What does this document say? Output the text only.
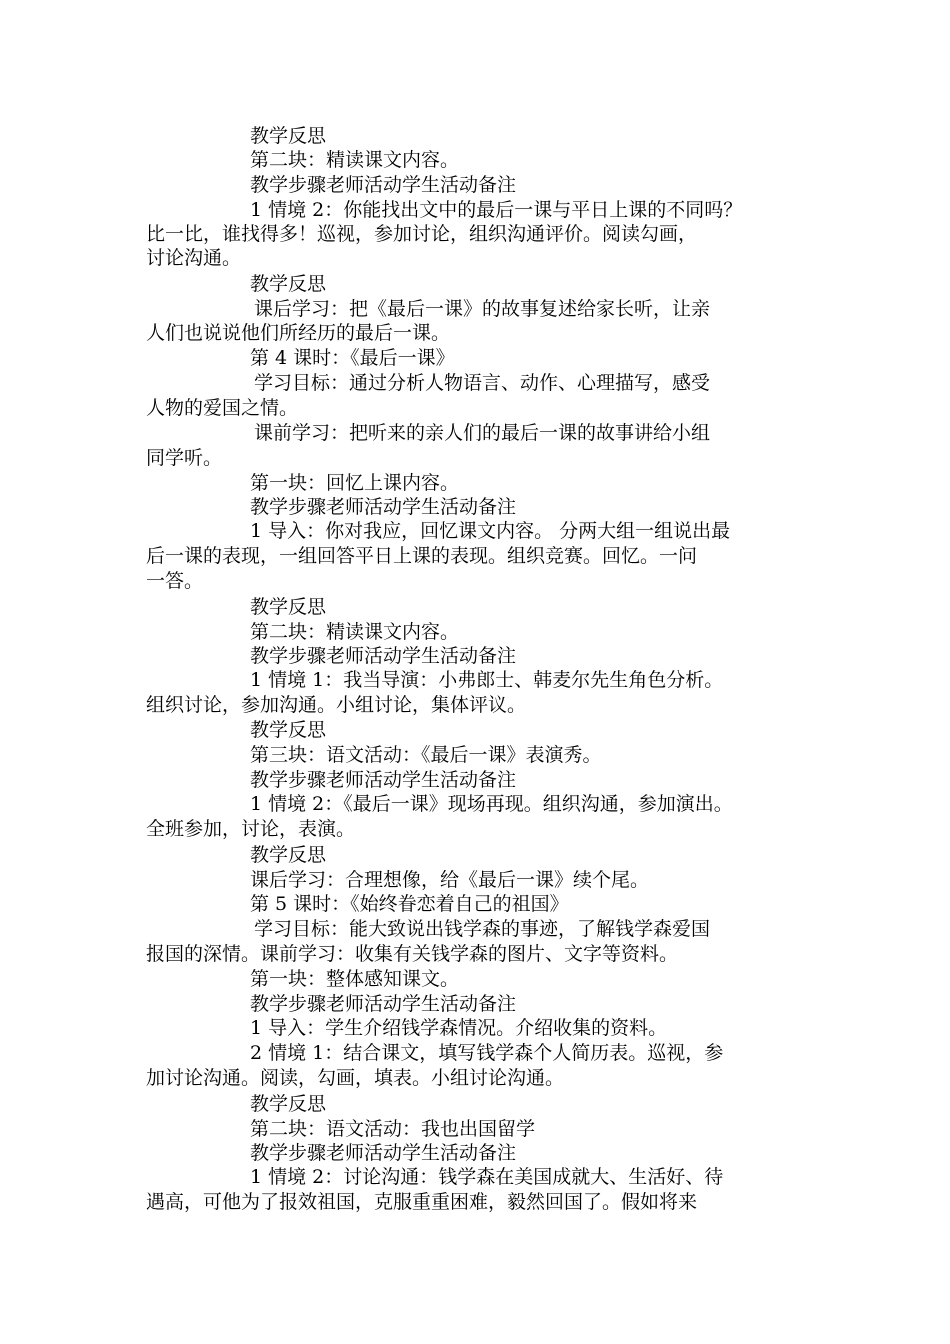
教学反思
第二块：精读课文内容。
教学步骤老师活动学生活动备注
1 情境 2：你能找出文中的最后一课与平日上课的不同吗？
比一比，谁找得多！巡视，参加讨论，组织沟通评价。阅读勾画，
讨论沟通。
教学反思
课后学习：把《最后一课》的故事复述给家长听，让亲
人们也说说他们所经历的最后一课。
第 4 课时：《最后一课》
学习目标：通过分析人物语言、动作、心理描写，感受
人物的爱国之情。
课前学习：把听来的亲人们的最后一课的故事讲给小组
同学听。
第一块：回忆上课内容。
教学步骤老师活动学生活动备注
1 导入：你对我应，回忆课文内容。 分两大组一组说出最
后一课的表现，一组回答平日上课的表现。组织竞赛。回忆。一问
一答。
教学反思
第二块：精读课文内容。
教学步骤老师活动学生活动备注
1 情境 1：我当导演：小弗郎士、韩麦尔先生角色分析。
组织讨论，参加沟通。小组讨论，集体评议。
教学反思
第三块：语文活动：《最后一课》表演秀。
教学步骤老师活动学生活动备注
1 情境 2：《最后一课》现场再现。组织沟通，参加演出。
全班参加，讨论，表演。
教学反思
课后学习：合理想像，给《最后一课》续个尾。
第 5 课时：《始终眷恋着自己的祖国》
学习目标：能大致说出钱学森的事迹，了解钱学森爱国
报国的深情。课前学习：收集有关钱学森的图片、文字等资料。
第一块：整体感知课文。
教学步骤老师活动学生活动备注
1 导入：学生介绍钱学森情况。介绍收集的资料。
2 情境 1：结合课文，填写钱学森个人简历表。巡视，参
加讨论沟通。阅读，勾画，填表。小组讨论沟通。
教学反思
第二块：语文活动：我也出国留学
教学步骤老师活动学生活动备注
1 情境 2：讨论沟通：钱学森在美国成就大、生活好、待
遇高，可他为了报效祖国，克服重重困难，毅然回国了。假如将来
